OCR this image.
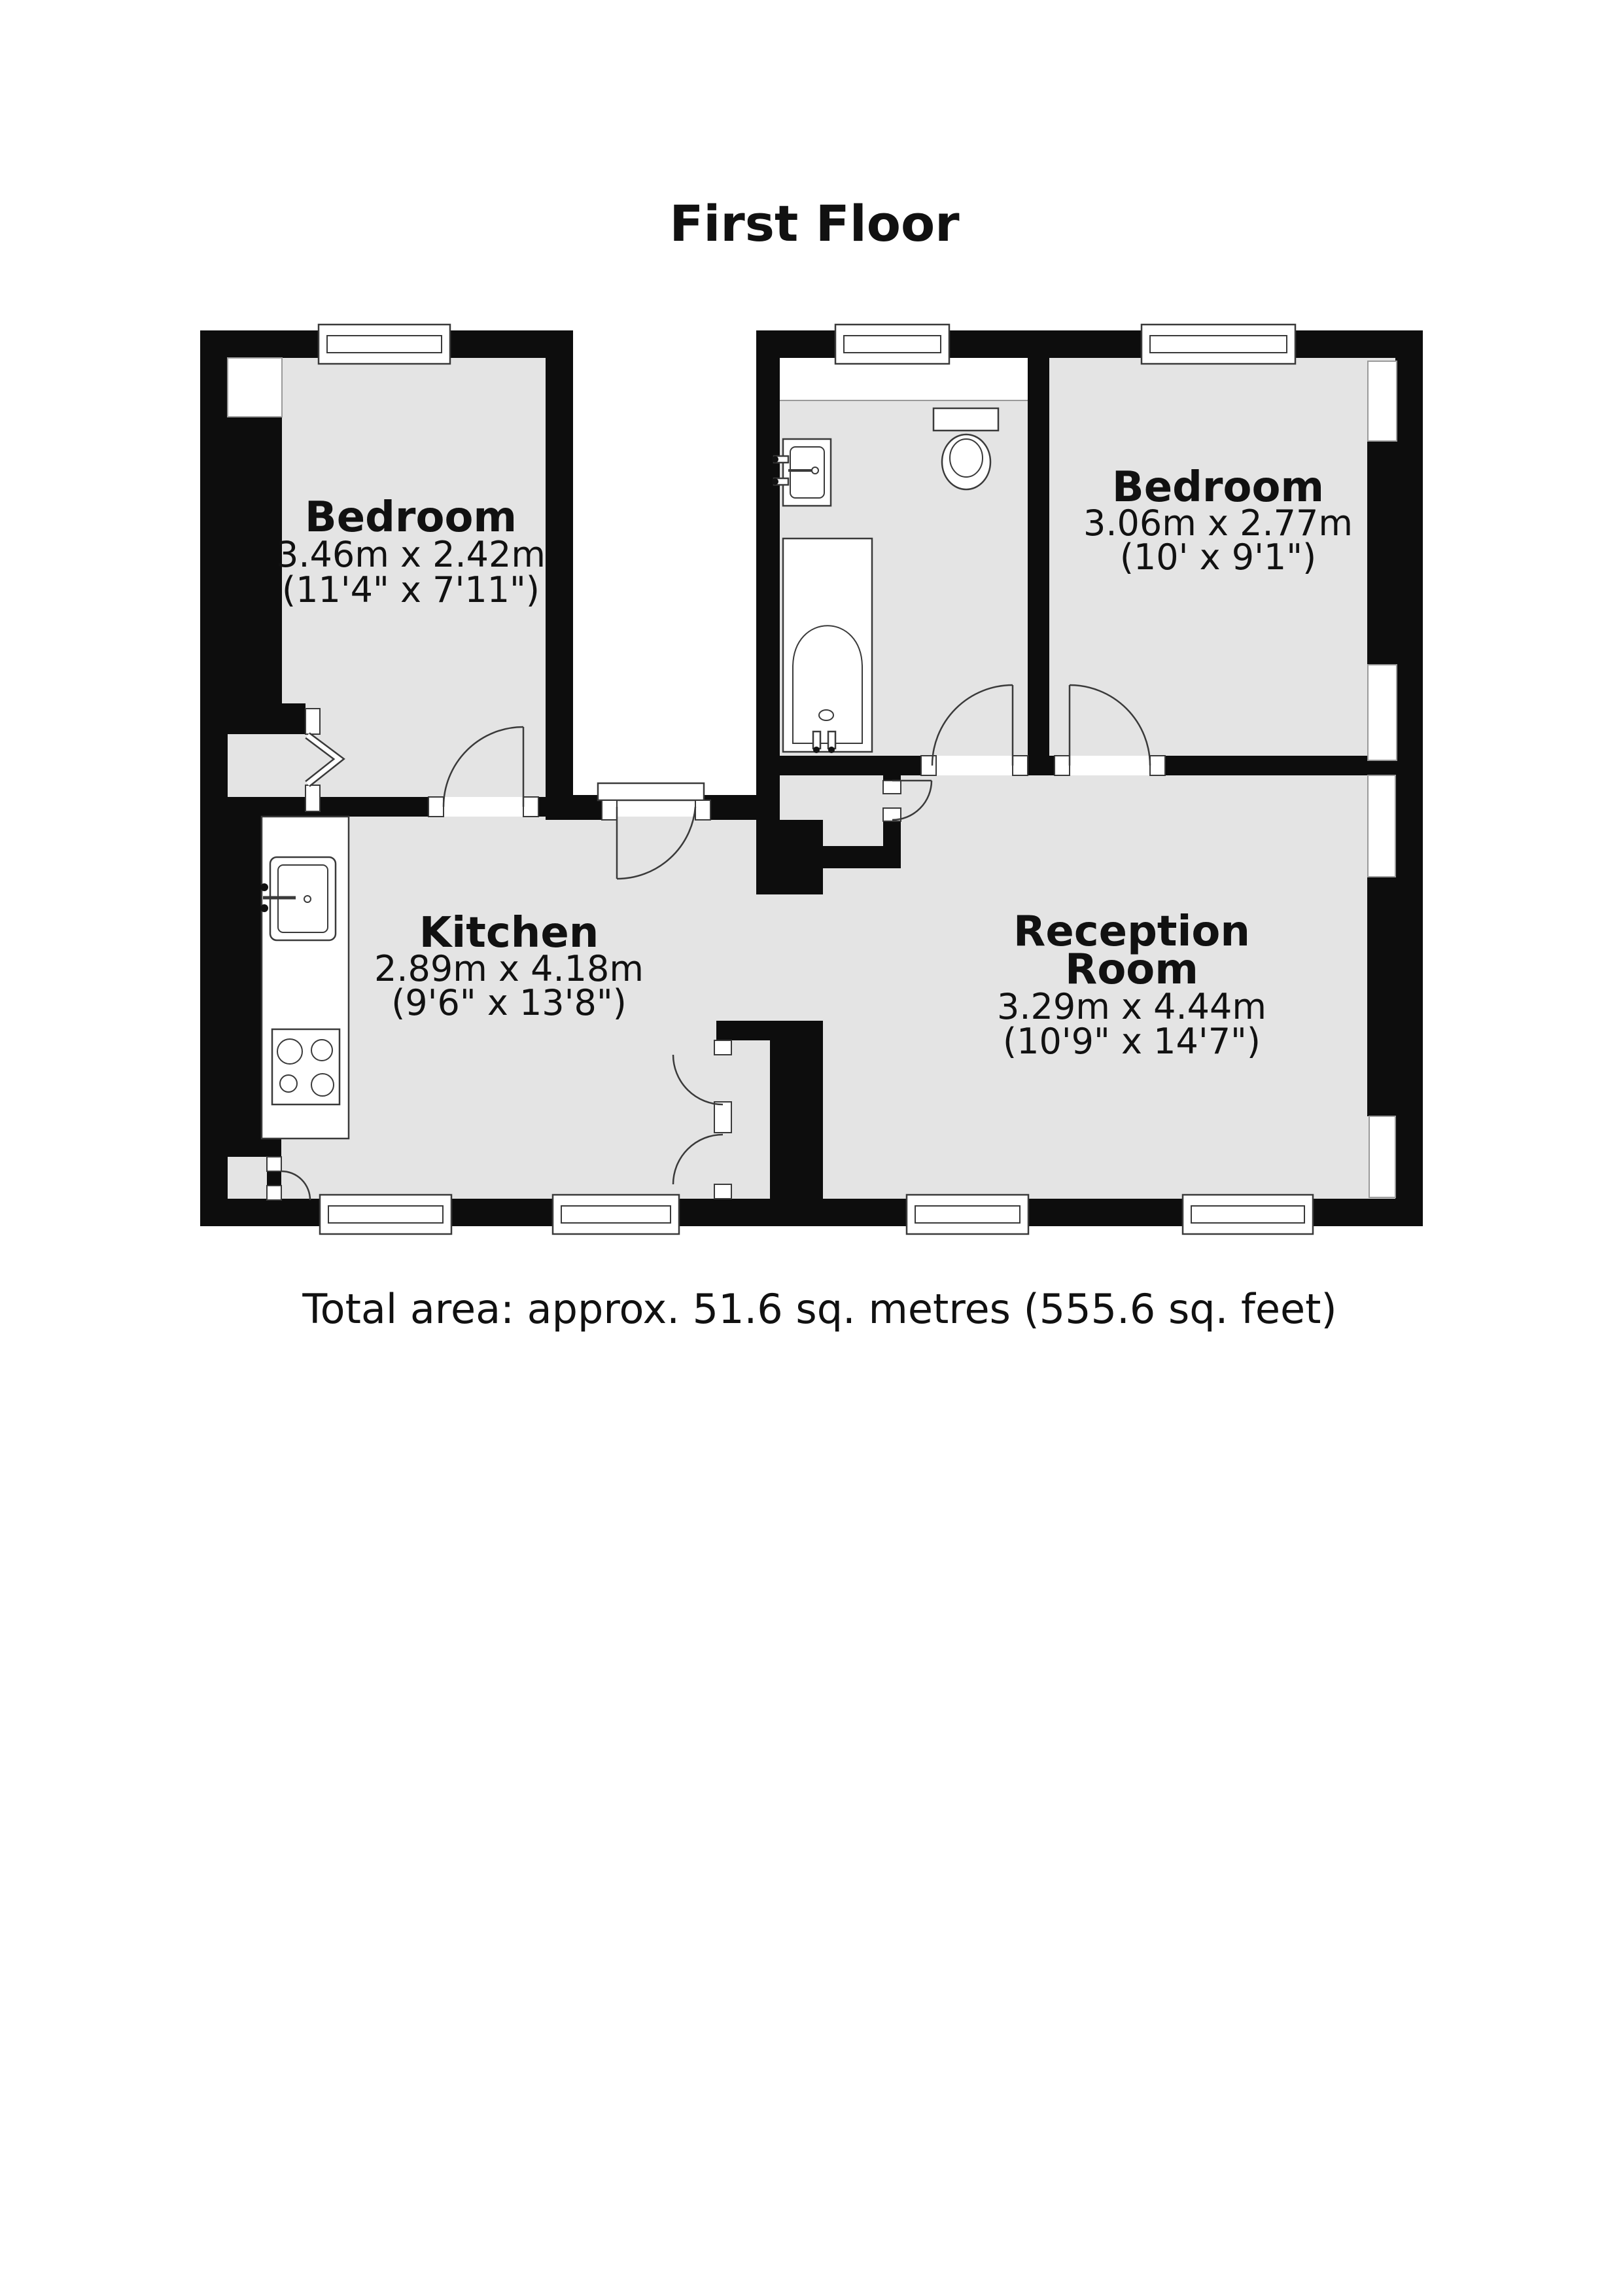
First Floor
Bedroom
3.46m x 2.42m
(11'4" x 7'11")
Bedroom
3.06m x 2.77m
(10' x 9'1")
Kitchen
2.89m x 4.18m
(9'6" x 13'8")
Reception
Room
3.29m x 4.44m
(10'9" x 14'7")
Total area: approx. 51.6 sq. metres (555.6 sq. feet)
